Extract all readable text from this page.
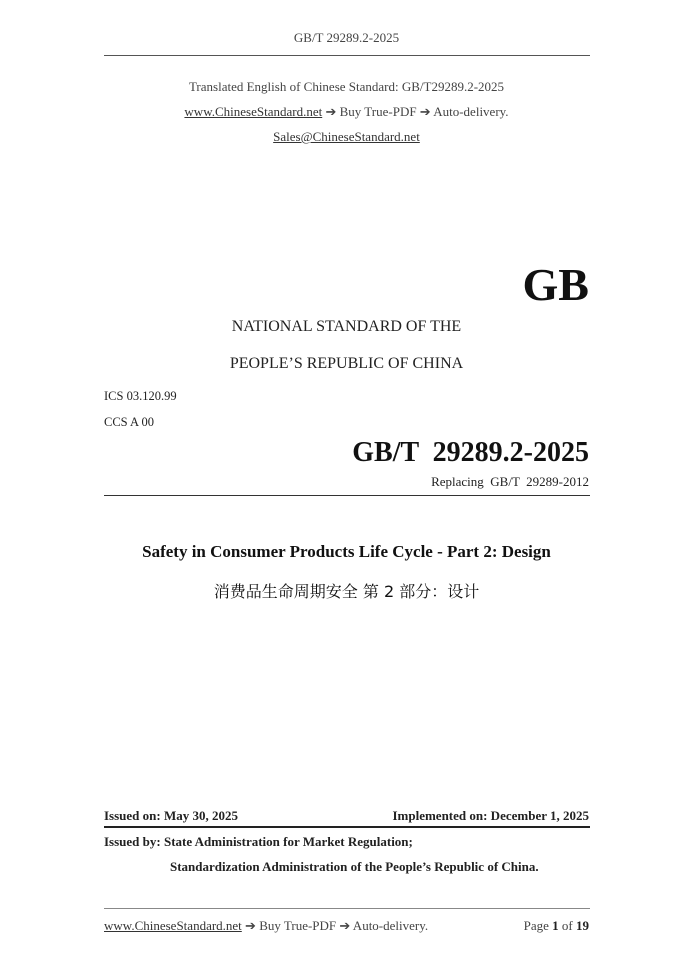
GB/T 29289.2-2025
Translated English of Chinese Standard: GB/T29289.2-2025
www.ChineseStandard.net ➔ Buy True-PDF ➔ Auto-delivery.
Sales@ChineseStandard.net
GB
NATIONAL STANDARD OF THE
PEOPLE’S REPUBLIC OF CHINA
ICS 03.120.99
CCS A 00
GB/T  29289.2-2025
Replacing  GB/T  29289-2012
Safety in Consumer Products Life Cycle - Part 2: Design
消费品生命周期安全 第 2 部分：设计
Issued on: May 30, 2025	Implemented on: December 1, 2025
Issued by: State Administration for Market Regulation;
Standardization Administration of the People’s Republic of China.
www.ChineseStandard.net ➔ Buy True-PDF ➔ Auto-delivery.	Page 1 of 19
